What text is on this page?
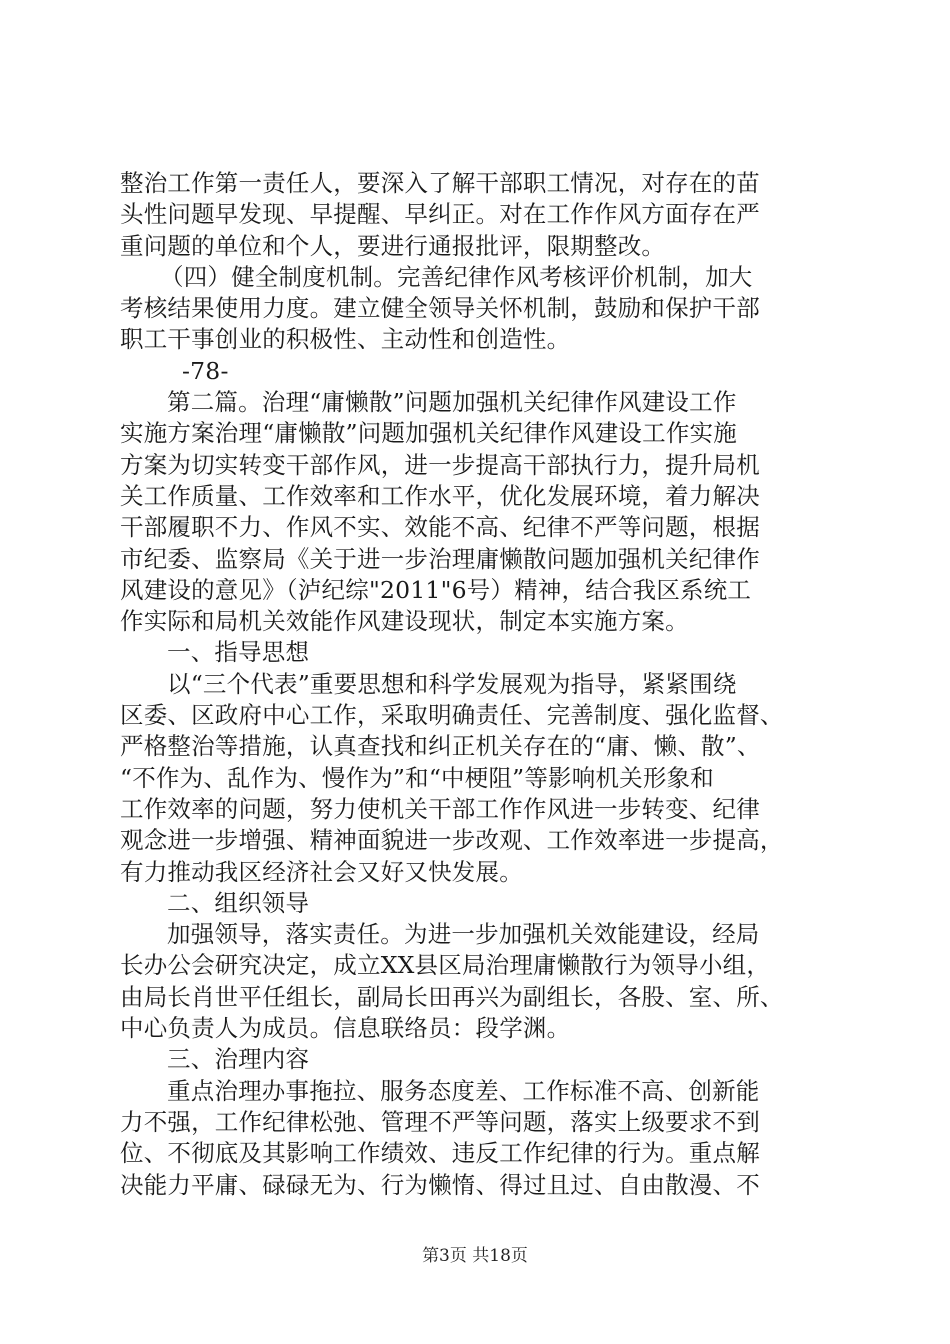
整治工作第一责任人，要深入了解干部职工情况，对存在的苗
头性问题早发现、早提醒、早纠正。对在工作作风方面存在严
重问题的单位和个人，要进行通报批评，限期整改。
（四）健全制度机制。完善纪律作风考核评价机制，加大
考核结果使用力度。建立健全领导关怀机制，鼓励和保护干部
职工干事创业的积极性、主动性和创造性。
-78-
第二篇。治理“庸懒散”问题加强机关纪律作风建设工作
实施方案治理“庸懒散”问题加强机关纪律作风建设工作实施
方案为切实转变干部作风，进一步提高干部执行力，提升局机
关工作质量、工作效率和工作水平，优化发展环境，着力解决
干部履职不力、作风不实、效能不高、纪律不严等问题，根据
市纪委、监察局《关于进一步治理庸懒散问题加强机关纪律作
风建设的意见》（泸纪综"2011"6号）精神，结合我区系统工
作实际和局机关效能作风建设现状，制定本实施方案。
一、指导思想
以“三个代表”重要思想和科学发展观为指导，紧紧围绕
区委、区政府中心工作，采取明确责任、完善制度、强化监督、
严格整治等措施，认真查找和纠正机关存在的“庸、懒、散”、
“不作为、乱作为、慢作为”和“中梗阻”等影响机关形象和
工作效率的问题，努力使机关干部工作作风进一步转变、纪律
观念进一步增强、精神面貌进一步改观、工作效率进一步提高，
有力推动我区经济社会又好又快发展。
二、组织领导
加强领导，落实责任。为进一步加强机关效能建设，经局
长办公会研究决定，成立XX县区局治理庸懒散行为领导小组，
由局长肖世平任组长，副局长田再兴为副组长，各股、室、所、
中心负责人为成员。信息联络员：段学渊。
三、治理内容
重点治理办事拖拉、服务态度差、工作标准不高、创新能
力不强，工作纪律松弛、管理不严等问题，落实上级要求不到
位、不彻底及其影响工作绩效、违反工作纪律的行为。重点解
决能力平庸、碌碌无为、行为懒惰、得过且过、自由散漫、不
第3页 共18页
